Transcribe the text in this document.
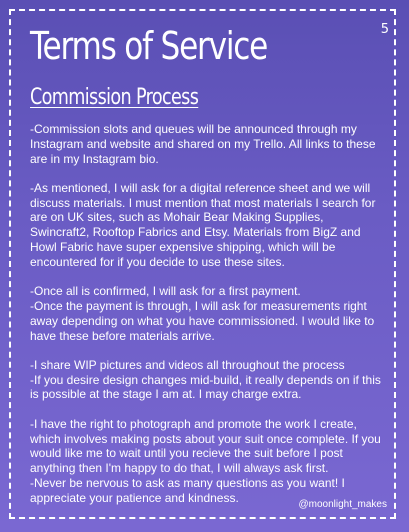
5
Terms of Service
Commission Process

-Commission slots and queues will be announced through my Instagram and website and shared on my Trello. All links to these are in my Instagram bio.

-As mentioned, I will ask for a digital reference sheet and we will discuss materials. I must mention that most materials I search for are on UK sites, such as Mohair Bear Making Supplies, Swincraft2, Rooftop Fabrics and Etsy. Materials from BigZ and Howl Fabric have super expensive shipping, which will be encountered for if you decide to use these sites.

-Once all is confirmed, I will ask for a first payment.

-Once the payment is through, I will ask for measurements right away depending on what you have commissioned. I would like to have these before materials arrive.

-I share WIP pictures and videos all throughout the process

-If you desire design changes mid-build, it really depends on if this is possible at the stage I am at. I may charge extra.

-I have the right to photograph and promote the work I create, which involves making posts about your suit once complete. If you would like me to wait until you recieve the suit before I post anything then I'm happy to do that, I will always ask first.

-Never be nervous to ask as many questions as you want! I appreciate your patience and kindness.	@moonlight_makes
